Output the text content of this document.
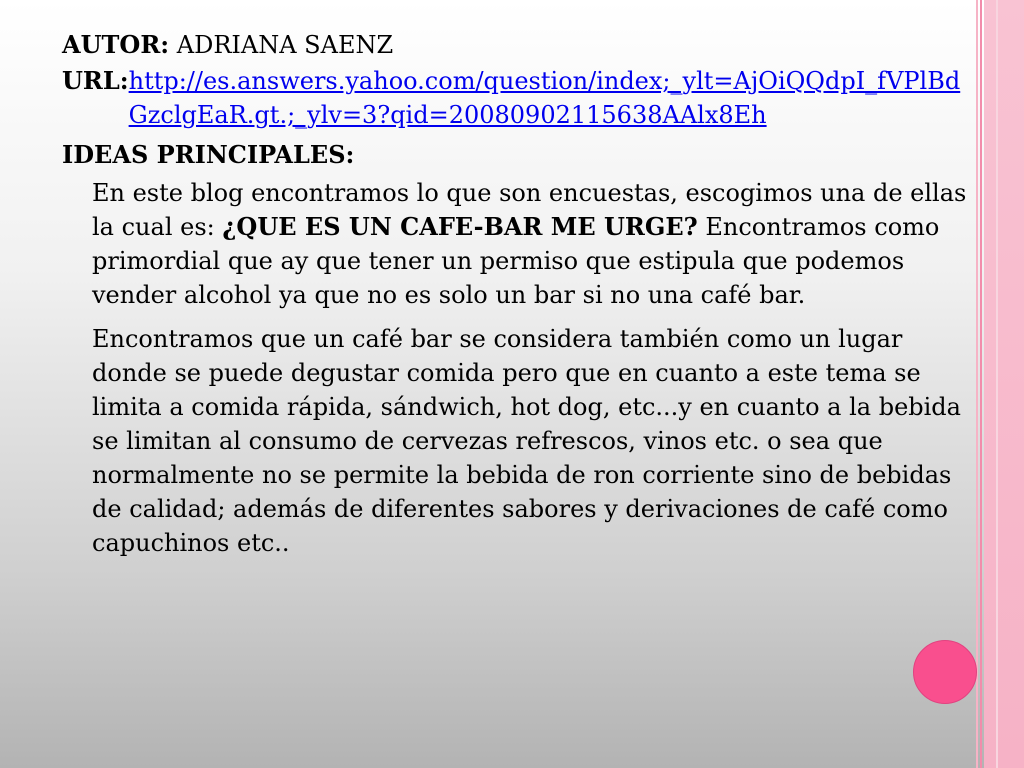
AUTOR: ADRIANA SAENZ
URL: http://es.answers.yahoo.com/question/index;_ylt=AjOiQQdpI_fVPlBdGzclgEaR.gt.;_ylv=3?qid=20080902115638AAlx8Eh
IDEAS PRINCIPALES:

En este blog encontramos lo que son encuestas, escogimos una de ellas la cual es: ¿QUE ES UN CAFE-BAR ME URGE? Encontramos como primordial que ay que tener un permiso que estipula que podemos vender alcohol ya que no es solo un bar si no una café bar.

Encontramos que un café bar se considera también como un lugar donde se puede degustar comida pero que en cuanto a este tema se limita a comida rápida, sándwich, hot dog, etc...y en cuanto a la bebida se limitan al consumo de cervezas refrescos, vinos etc. o sea que normalmente no se permite la bebida de ron corriente sino de bebidas de calidad; además de diferentes sabores y derivaciones de café como capuchinos etc..
